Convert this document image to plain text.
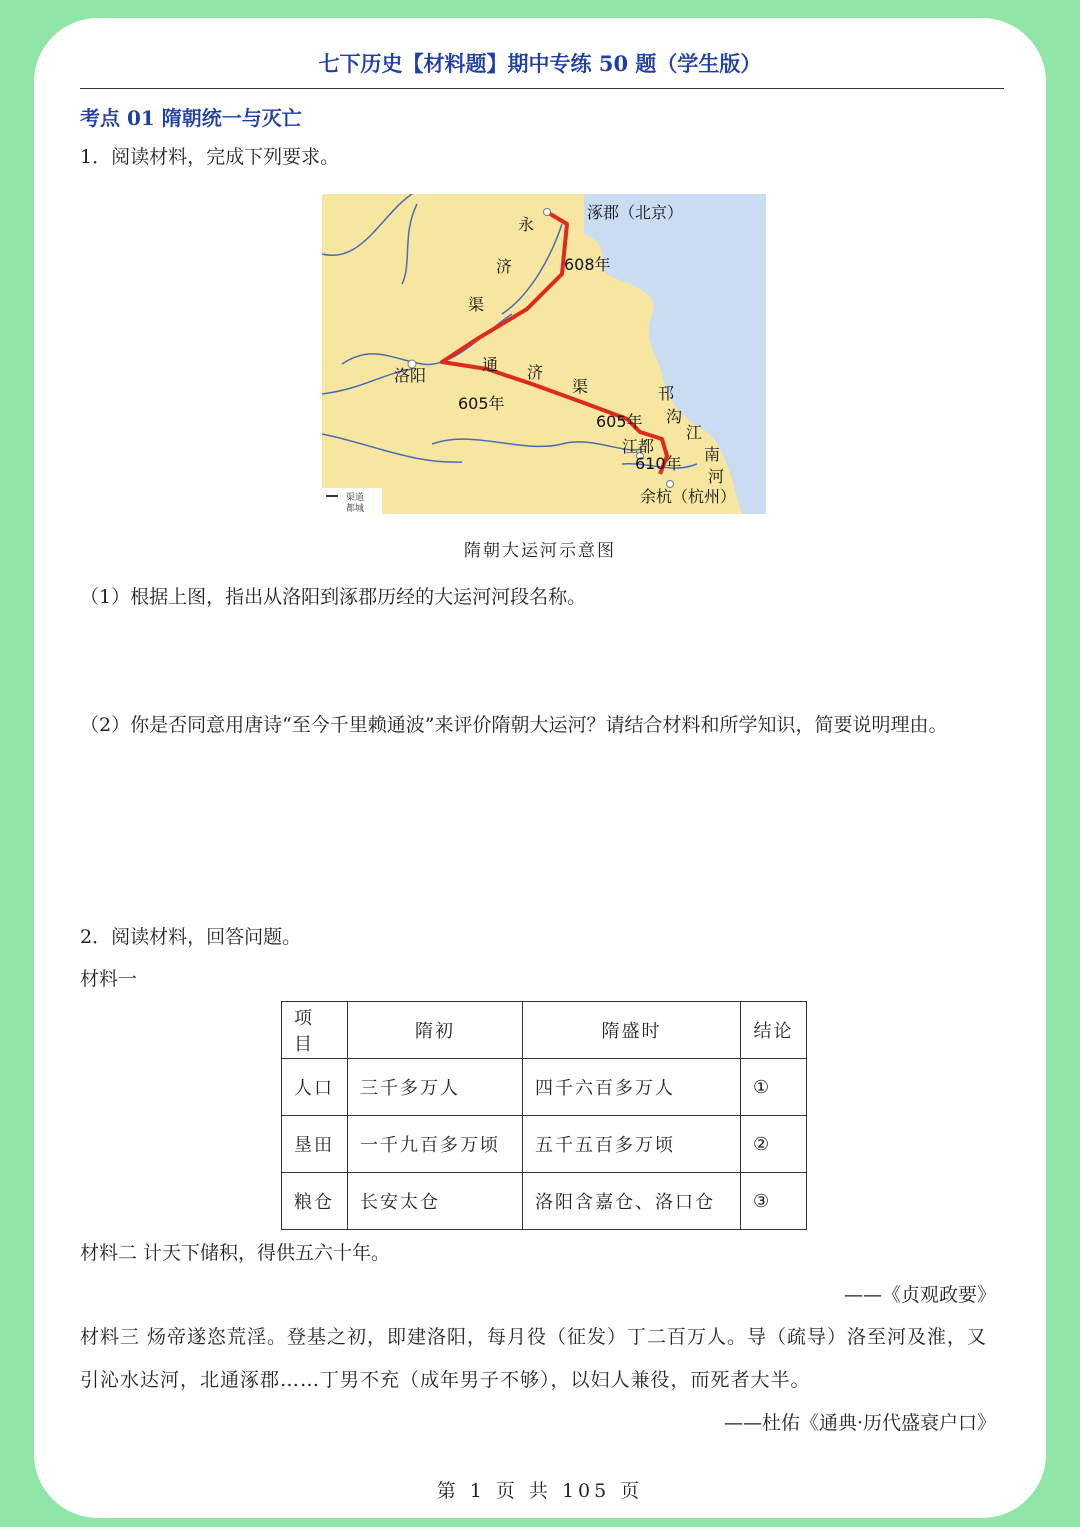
七下历史【材料题】期中专练 50 题（学生版）
考点 01 隋朝统一与灭亡
1．阅读材料，完成下列要求。
涿郡（北京）
永
济
渠
608年
洛阳
通 济
渠
605年
605年
邗
沟
江都
610年
江
南
河
余杭（杭州）
渠道
都城
隋朝大运河示意图
（1）根据上图，指出从洛阳到涿郡历经的大运河河段名称。
（2）你是否同意用唐诗“至今千里赖通波”来评价隋朝大运河？请结合材料和所学知识，简要说明理由。
2．阅读材料，回答问题。
材料一
项 目	隋初	隋盛时	结论
人口	三千多万人	四千六百多万人	①
垦田	一千九百多万顷	五千五百多万顷	②
粮仓	长安太仓	洛阳含嘉仓、洛口仓	③
材料二 计天下储积，得供五六十年。
——《贞观政要》
材料三 炀帝遂恣荒淫。登基之初，即建洛阳，每月役（征发）丁二百万人。导（疏导）洛至河及淮，又引沁水达河，北通涿郡……丁男不充（成年男子不够），以妇人兼役，而死者大半。
——杜佑《通典·历代盛衰户口》
第 1 页 共 105 页
